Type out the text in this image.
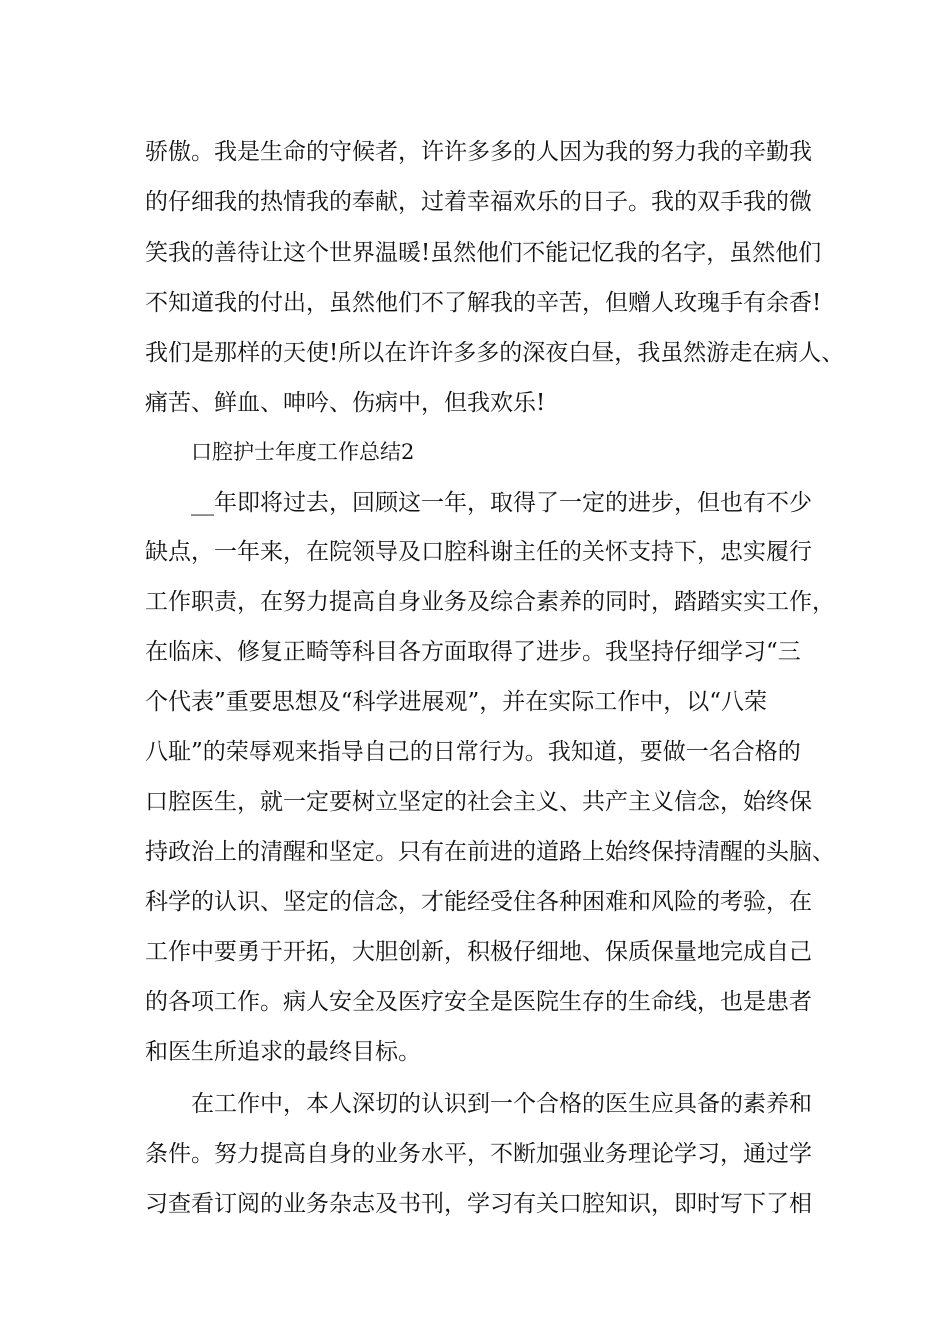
骄傲。我是生命的守候者，许许多多的人因为我的努力我的辛勤我
的仔细我的热情我的奉献，过着幸福欢乐的日子。我的双手我的微
笑我的善待让这个世界温暖!虽然他们不能记忆我的名字，虽然他们
不知道我的付出，虽然他们不了解我的辛苦，但赠人玫瑰手有余香!
我们是那样的天使!所以在许许多多的深夜白昼，我虽然游走在病人、
痛苦、鲜血、呻吟、伤病中，但我欢乐!
口腔护士年度工作总结2
__年即将过去，回顾这一年，取得了一定的进步，但也有不少
缺点，一年来，在院领导及口腔科谢主任的关怀支持下，忠实履行
工作职责，在努力提高自身业务及综合素养的同时，踏踏实实工作，
在临床、修复正畸等科目各方面取得了进步。我坚持仔细学习“三
个代表”重要思想及“科学进展观”，并在实际工作中，以“八荣
八耻”的荣辱观来指导自己的日常行为。我知道，要做一名合格的
口腔医生，就一定要树立坚定的社会主义、共产主义信念，始终保
持政治上的清醒和坚定。只有在前进的道路上始终保持清醒的头脑、
科学的认识、坚定的信念，才能经受住各种困难和风险的考验，在
工作中要勇于开拓，大胆创新，积极仔细地、保质保量地完成自己
的各项工作。病人安全及医疗安全是医院生存的生命线，也是患者
和医生所追求的最终目标。
在工作中，本人深切的认识到一个合格的医生应具备的素养和
条件。努力提高自身的业务水平，不断加强业务理论学习，通过学
习查看订阅的业务杂志及书刊，学习有关口腔知识，即时写下了相
